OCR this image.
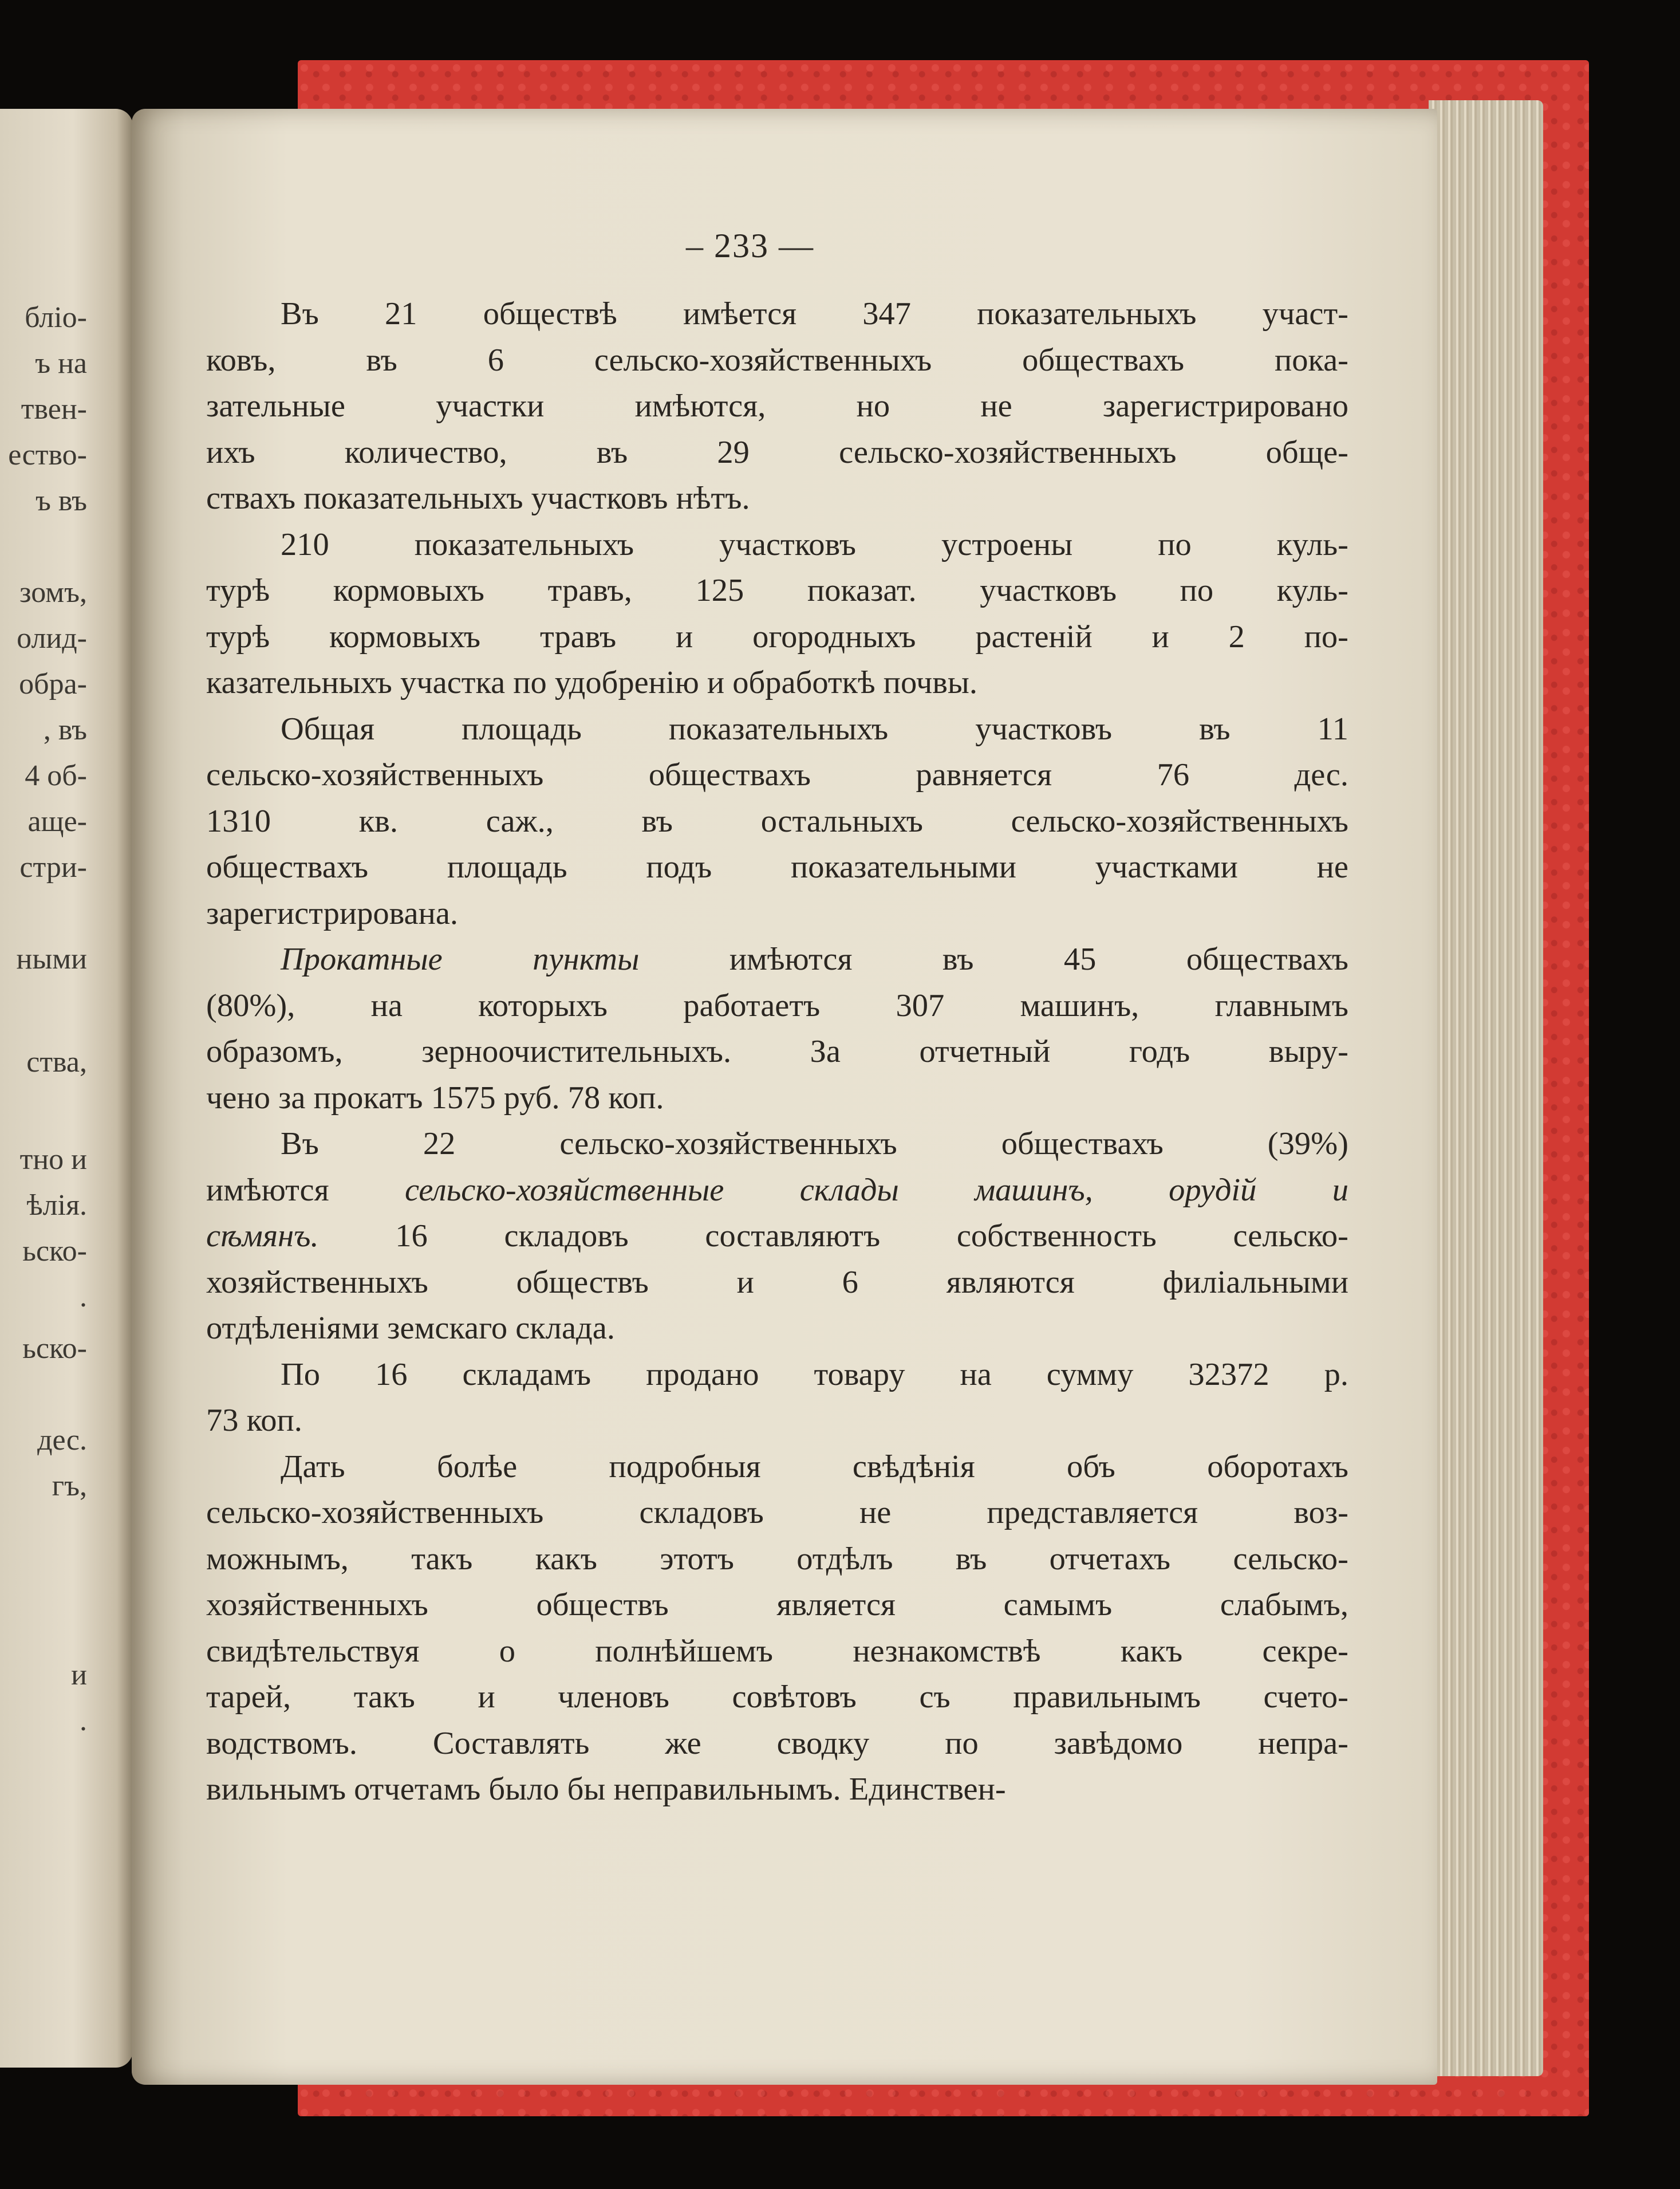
бліо-
ъ на
твен-
ество-
ъ въ
зомъ,
олид-
обра-
, въ
4 об-
аще-
стри-
ными
ства,
тно и
ѣлія.
ьско-
.
ьско-
дес.
гъ,
и
.
– 233 —
Въ 21 обществѣ имѣется 347 показательныхъ участ-
ковъ, въ 6 сельско-хозяйственныхъ обществахъ пока-
зательные участки имѣются, но не зарегистрировано
ихъ количество, въ 29 сельско-хозяйственныхъ обще-
ствахъ показательныхъ участковъ нѣтъ.
210 показательныхъ участковъ устроены по куль-
турѣ кормовыхъ травъ, 125 показат. участковъ по куль-
турѣ кормовыхъ травъ и огородныхъ растеній и 2 по-
казательныхъ участка по удобренію и обработкѣ почвы.
Общая площадь показательныхъ участковъ въ 11
сельско-хозяйственныхъ обществахъ равняется 76 дес.
1310 кв. саж., въ остальныхъ сельско-хозяйственныхъ
обществахъ площадь подъ показательными участками не
зарегистрирована.
Прокатные пункты имѣются въ 45 обществахъ
(80%), на которыхъ работаетъ 307 машинъ, главнымъ
образомъ, зерноочистительныхъ. За отчетный годъ выру-
чено за прокатъ 1575 руб. 78 коп.
Въ 22 сельско-хозяйственныхъ обществахъ (39%)
имѣются сельско-хозяйственные склады машинъ, орудій и
сѣмянъ. 16 складовъ составляютъ собственность сельско-
хозяйственныхъ обществъ и 6 являются филіальными
отдѣленіями земскаго склада.
По 16 складамъ продано товару на сумму 32372 р.
73 коп.
Дать болѣе подробныя свѣдѣнія объ оборотахъ
сельско-хозяйственныхъ складовъ не представляется воз-
можнымъ, такъ какъ этотъ отдѣлъ въ отчетахъ сельско-
хозяйственныхъ обществъ является самымъ слабымъ,
свидѣтельствуя о полнѣйшемъ незнакомствѣ какъ секре-
тарей, такъ и членовъ совѣтовъ съ правильнымъ счето-
водствомъ. Составлять же сводку по завѣдомо непра-
вильнымъ отчетамъ было бы неправильнымъ. Единствен-
